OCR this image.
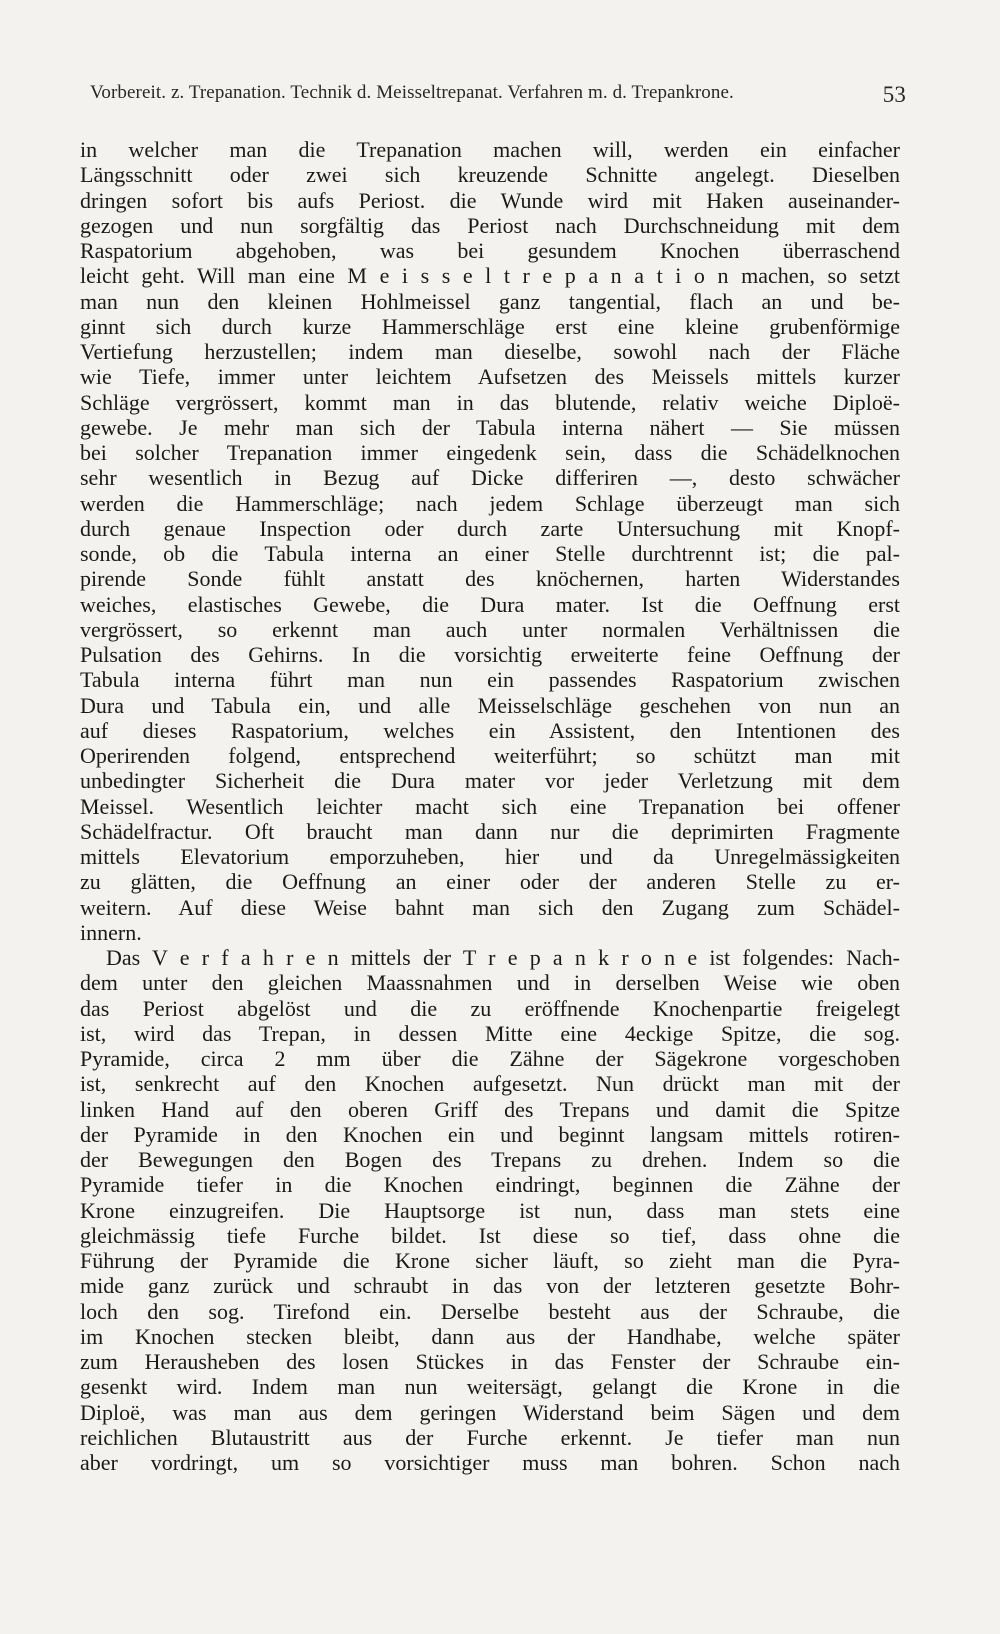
Vorbereit. z. Trepanation. Technik d. Meisseltrepanat. Verfahren m. d. Trepankrone.	53
in welcher man die Trepanation machen will, werden ein einfacher
Längsschnitt oder zwei sich kreuzende Schnitte angelegt. Dieselben
dringen sofort bis aufs Periost. die Wunde wird mit Haken auseinander-
gezogen und nun sorgfältig das Periost nach Durchschneidung mit dem
Raspatorium abgehoben, was bei gesundem Knochen überraschend
leicht geht. Will man eine M e i s s e l t r e p a n a t i o n machen, so setzt
man nun den kleinen Hohlmeissel ganz tangential, flach an und be-
ginnt sich durch kurze Hammerschläge erst eine kleine grubenförmige
Vertiefung herzustellen; indem man dieselbe, sowohl nach der Fläche
wie Tiefe, immer unter leichtem Aufsetzen des Meissels mittels kurzer
Schläge vergrössert, kommt man in das blutende, relativ weiche Diploë-
gewebe. Je mehr man sich der Tabula interna nähert — Sie müssen
bei solcher Trepanation immer eingedenk sein, dass die Schädelknochen
sehr wesentlich in Bezug auf Dicke differiren —, desto schwächer
werden die Hammerschläge; nach jedem Schlage überzeugt man sich
durch genaue Inspection oder durch zarte Untersuchung mit Knopf-
sonde, ob die Tabula interna an einer Stelle durchtrennt ist; die pal-
pirende Sonde fühlt anstatt des knöchernen, harten Widerstandes
weiches, elastisches Gewebe, die Dura mater. Ist die Oeffnung erst
vergrössert, so erkennt man auch unter normalen Verhältnissen die
Pulsation des Gehirns. In die vorsichtig erweiterte feine Oeffnung der
Tabula interna führt man nun ein passendes Raspatorium zwischen
Dura und Tabula ein, und alle Meisselschläge geschehen von nun an
auf dieses Raspatorium, welches ein Assistent, den Intentionen des
Operirenden folgend, entsprechend weiterführt; so schützt man mit
unbedingter Sicherheit die Dura mater vor jeder Verletzung mit dem
Meissel. Wesentlich leichter macht sich eine Trepanation bei offener
Schädelfractur. Oft braucht man dann nur die deprimirten Fragmente
mittels Elevatorium emporzuheben, hier und da Unregelmässigkeiten
zu glätten, die Oeffnung an einer oder der anderen Stelle zu er-
weitern. Auf diese Weise bahnt man sich den Zugang zum Schädel-
innern.
Das V e r f a h r e n mittels der T r e p a n k r o n e ist folgendes: Nach-
dem unter den gleichen Maassnahmen und in derselben Weise wie oben
das Periost abgelöst und die zu eröffnende Knochenpartie freigelegt
ist, wird das Trepan, in dessen Mitte eine 4eckige Spitze, die sog.
Pyramide, circa 2 mm über die Zähne der Sägekrone vorgeschoben
ist, senkrecht auf den Knochen aufgesetzt. Nun drückt man mit der
linken Hand auf den oberen Griff des Trepans und damit die Spitze
der Pyramide in den Knochen ein und beginnt langsam mittels rotiren-
der Bewegungen den Bogen des Trepans zu drehen. Indem so die
Pyramide tiefer in die Knochen eindringt, beginnen die Zähne der
Krone einzugreifen. Die Hauptsorge ist nun, dass man stets eine
gleichmässig tiefe Furche bildet. Ist diese so tief, dass ohne die
Führung der Pyramide die Krone sicher läuft, so zieht man die Pyra-
mide ganz zurück und schraubt in das von der letzteren gesetzte Bohr-
loch den sog. Tirefond ein. Derselbe besteht aus der Schraube, die
im Knochen stecken bleibt, dann aus der Handhabe, welche später
zum Herausheben des losen Stückes in das Fenster der Schraube ein-
gesenkt wird. Indem man nun weitersägt, gelangt die Krone in die
Diploë, was man aus dem geringen Widerstand beim Sägen und dem
reichlichen Blutaustritt aus der Furche erkennt. Je tiefer man nun
aber vordringt, um so vorsichtiger muss man bohren. Schon nach
